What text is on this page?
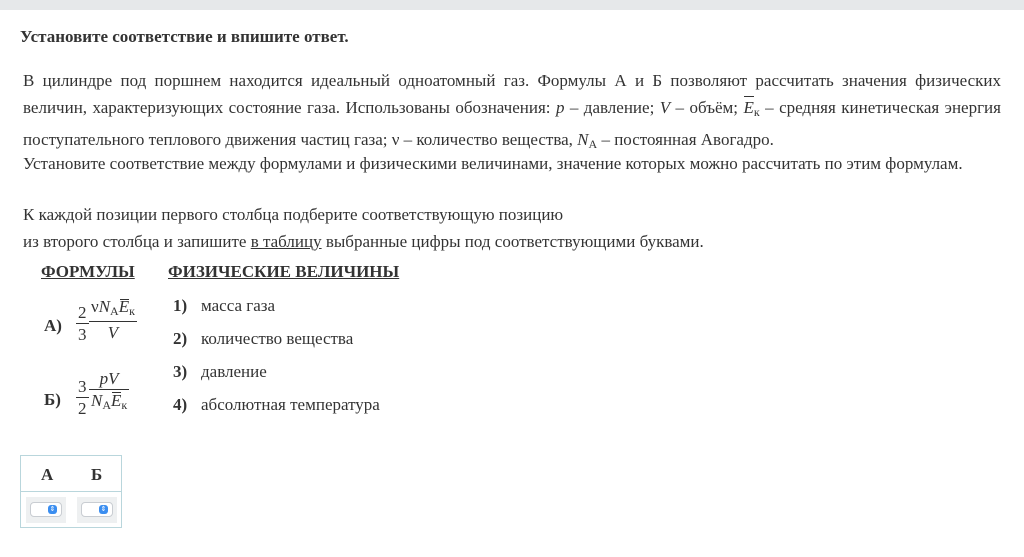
Установите соответствие и впишите ответ.
В цилиндре под поршнем находится идеальный одноатомный газ. Формулы А и Б позволяют рассчитать значения физических величин, характеризующих состояние газа. Использованы обозначения: p – давление; V – объём; $E_к$ – средняя кинетическая энергия поступательного теплового движения частиц газа; ν – количество вещества, $N_A$ – постоянная Авогадро.
Установите соответствие между формулами и физическими величинами, значение которых можно рассчитать по этим формулам.
К каждой позиции первого столбца подберите соответствующую позицию
из второго столбца и запишите в таблицу выбранные цифры под соответствующими буквами.
ФОРМУЛЫ ФИЗИЧЕСКИЕ ВЕЛИЧИНЫ
А)
2
3
$\nu N_AE_к$
V
Б)
3
2
pV
$N_AE_к$
1) масса газа
2) количество вещества
3) давление
4) абсолютная температура
А Б
⇕	⇕
